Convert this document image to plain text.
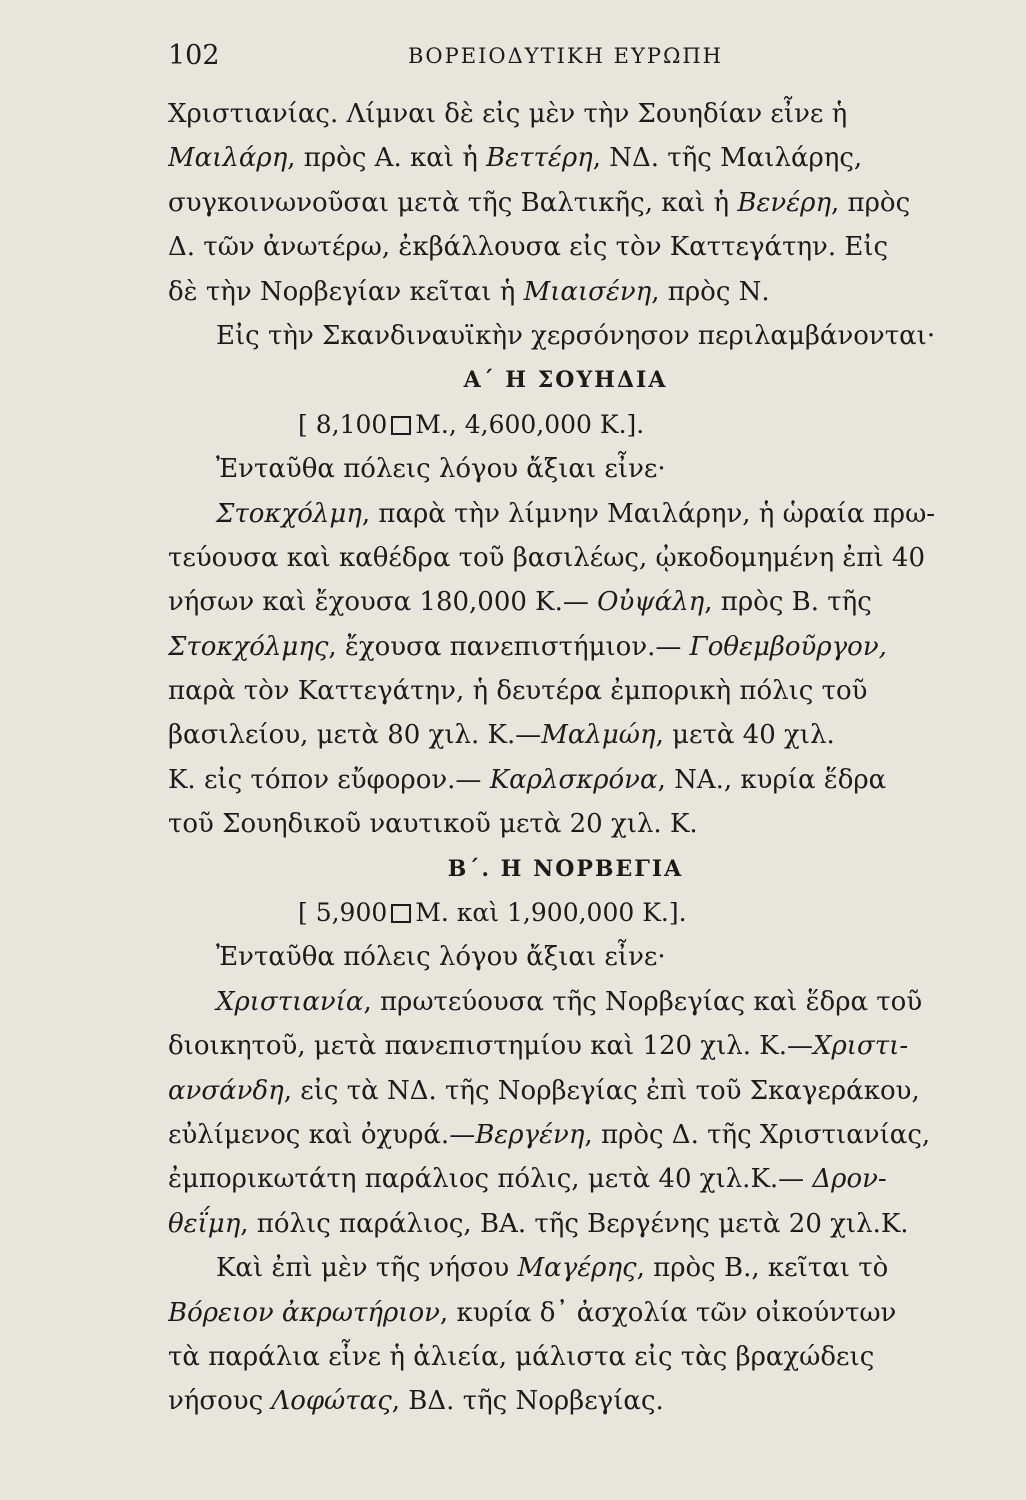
102	ΒΟΡΕΙΟΔΥΤΙΚΗ ΕΥΡΩΠΗ
Χριστιανίας. Λίμναι δὲ εἰς μὲν τὴν Σουηδίαν εἶνε ἡ
Μαιλάρη, πρὸς Α. καὶ ἡ Βεττέρη, ΝΔ. τῆς Μαιλάρης,
συγκοινωνοῦσαι μετὰ τῆς Βαλτικῆς, καὶ ἡ Βενέρη, πρὸς
Δ. τῶν ἀνωτέρω, ἐκβάλλουσα εἰς τὸν Καττεγάτην. Εἰς
δὲ τὴν Νορβεγίαν κεῖται ἡ Μιαισένη, πρὸς Ν.
Εἰς τὴν Σκανδιναυϊκὴν χερσόνησον περιλαμβάνονται·
Α΄ Η ΣΟΥΗΔΙΑ
[ 8,100 Μ., 4,600,000 Κ.].
Ἐνταῦθα πόλεις λόγου ἄξιαι εἶνε·
Στοκχόλμη, παρὰ τὴν λίμνην Μαιλάρην, ἡ ὡραία πρω-
τεύουσα καὶ καθέδρα τοῦ βασιλέως, ᾠκοδομημένη ἐπὶ 40
νήσων καὶ ἔχουσα 180,000 Κ.— Οὐψάλη, πρὸς Β. τῆς
Στοκχόλμης, ἔχουσα πανεπιστήμιον.— Γοθεμβοῦργον,
παρὰ τὸν Καττεγάτην, ἡ δευτέρα ἐμπορικὴ πόλις τοῦ
βασιλείου, μετὰ 80 χιλ. Κ.—Μαλμώη, μετὰ 40 χιλ.
Κ. εἰς τόπον εὔφορον.— Καρλσκρόνα, ΝΑ., κυρία ἕδρα
τοῦ Σουηδικοῦ ναυτικοῦ μετὰ 20 χιλ. Κ.
Β΄. Η ΝΟΡΒΕΓΙΑ
[ 5,900 Μ. καὶ 1,900,000 Κ.].
Ἐνταῦθα πόλεις λόγου ἄξιαι εἶνε·
Χριστιανία, πρωτεύουσα τῆς Νορβεγίας καὶ ἕδρα τοῦ
διοικητοῦ, μετὰ πανεπιστημίου καὶ 120 χιλ. Κ.—Χριστι-
ανσάνδη, εἰς τὰ ΝΔ. τῆς Νορβεγίας ἐπὶ τοῦ Σκαγεράκου,
εὐλίμενος καὶ ὀχυρά.—Βεργένη, πρὸς Δ. τῆς Χριστιανίας,
ἐμπορικωτάτη παράλιος πόλις, μετὰ 40 χιλ.Κ.— Δρον-
θεΐμη, πόλις παράλιος, ΒΑ. τῆς Βεργένης μετὰ 20 χιλ.Κ.
Καὶ ἐπὶ μὲν τῆς νήσου Μαγέρης, πρὸς Β., κεῖται τὸ
Βόρειον ἀκρωτήριον, κυρία δ᾽ ἀσχολία τῶν οἰκούντων
τὰ παράλια εἶνε ἡ ἁλιεία, μάλιστα εἰς τὰς βραχώδεις
νήσους Λοφώτας, ΒΔ. τῆς Νορβεγίας.
